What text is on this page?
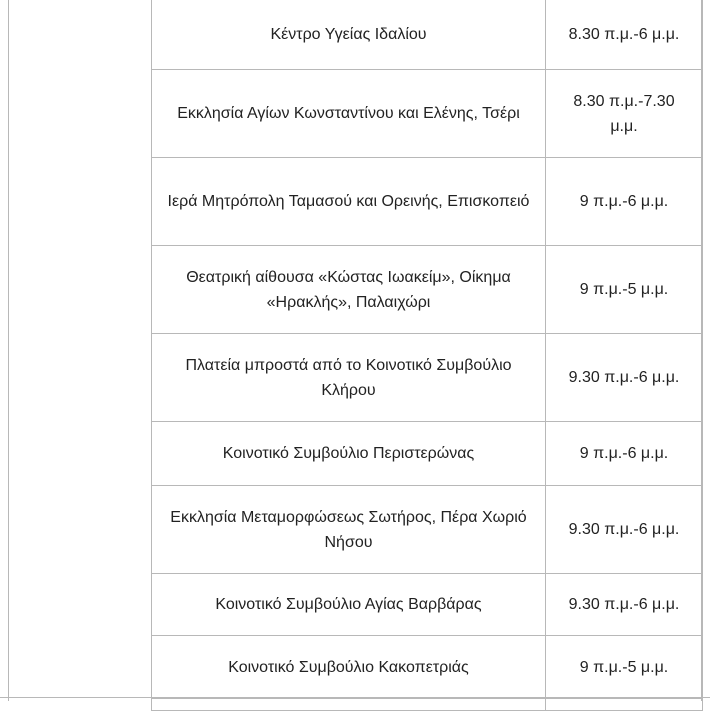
Κέντρο Υγείας Ιδαλίου	8.30 π.μ.-6 μ.μ.
Εκκλησία Αγίων Κωνσταντίνου και Ελένης, Τσέρι	8.30 π.μ.-7.30 μ.μ.
Ιερά Μητρόπολη Ταμασού και Ορεινής, Επισκοπειό	9 π.μ.-6 μ.μ.
Θεατρική αίθουσα «Κώστας Ιωακείμ», Οίκημα «Ηρακλής», Παλαιχώρι	9 π.μ.-5 μ.μ.
Πλατεία μπροστά από το Κοινοτικό Συμβούλιο Κλήρου	9.30 π.μ.-6 μ.μ.
Κοινοτικό Συμβούλιο Περιστερώνας	9 π.μ.-6 μ.μ.
Εκκλησία Μεταμορφώσεως Σωτήρος, Πέρα Χωριό Νήσου	9.30 π.μ.-6 μ.μ.
Κοινοτικό Συμβούλιο Αγίας Βαρβάρας	9.30 π.μ.-6 μ.μ.
Κοινοτικό Συμβούλιο Κακοπετριάς	9 π.μ.-5 μ.μ.
